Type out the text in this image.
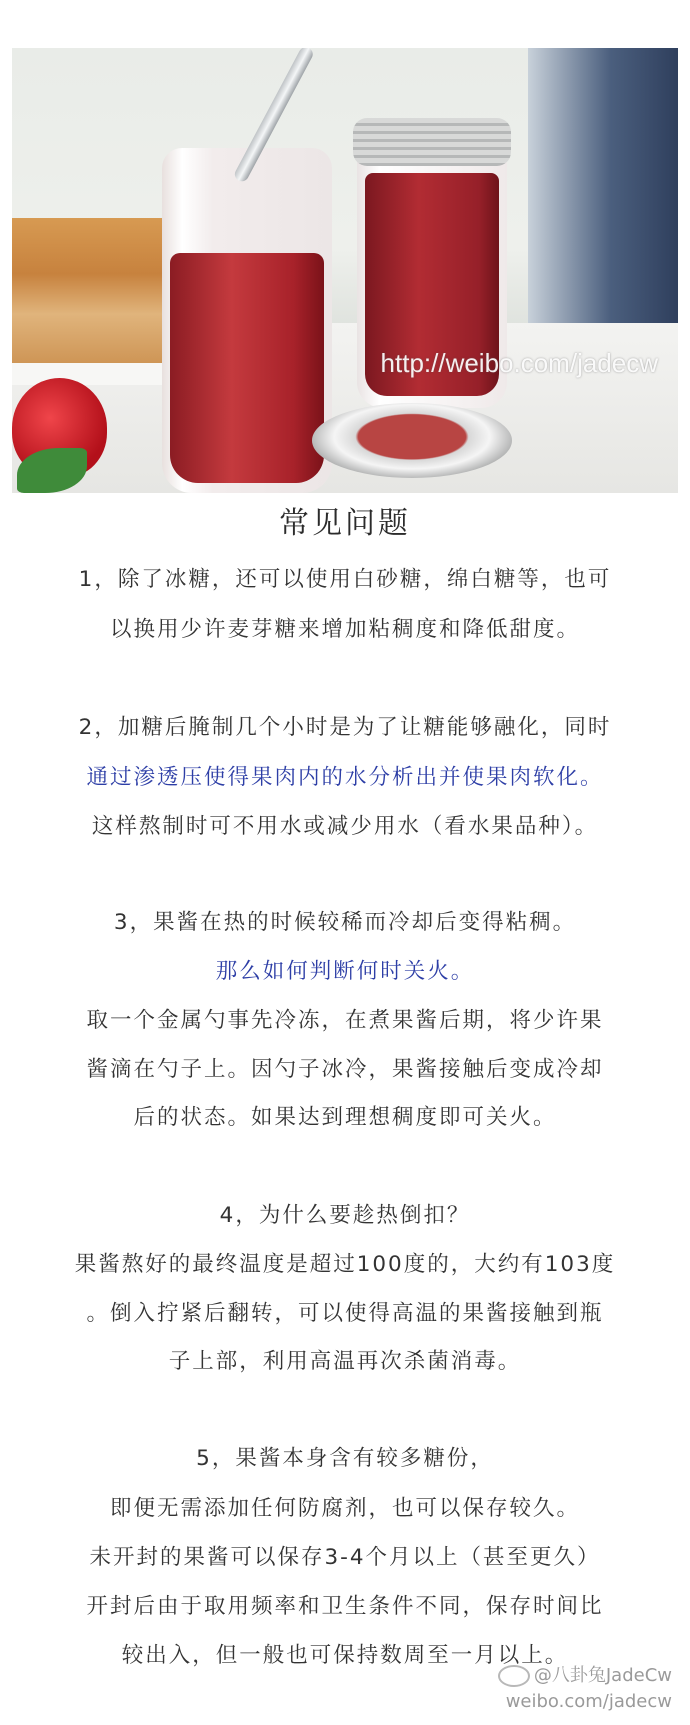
http://weibo.com/jadecw
常见问题
1，除了冰糖，还可以使用白砂糖，绵白糖等，也可
以换用少许麦芽糖来增加粘稠度和降低甜度。
2，加糖后腌制几个小时是为了让糖能够融化，同时
通过渗透压使得果肉内的水分析出并使果肉软化。
这样熬制时可不用水或减少用水（看水果品种）。
3，果酱在热的时候较稀而冷却后变得粘稠。
那么如何判断何时关火。
取一个金属勺事先冷冻，在煮果酱后期，将少许果
酱滴在勺子上。因勺子冰冷，果酱接触后变成冷却
后的状态。如果达到理想稠度即可关火。
4，为什么要趁热倒扣？
果酱熬好的最终温度是超过100度的，大约有103度
。倒入拧紧后翻转，可以使得高温的果酱接触到瓶
子上部，利用高温再次杀菌消毒。
5，果酱本身含有较多糖份，
即便无需添加任何防腐剂，也可以保存较久。
未开封的果酱可以保存3-4个月以上（甚至更久）
开封后由于取用频率和卫生条件不同，保存时间比
较出入，但一般也可保持数周至一月以上。
@八卦兔JadeCw
weibo.com/jadecw
